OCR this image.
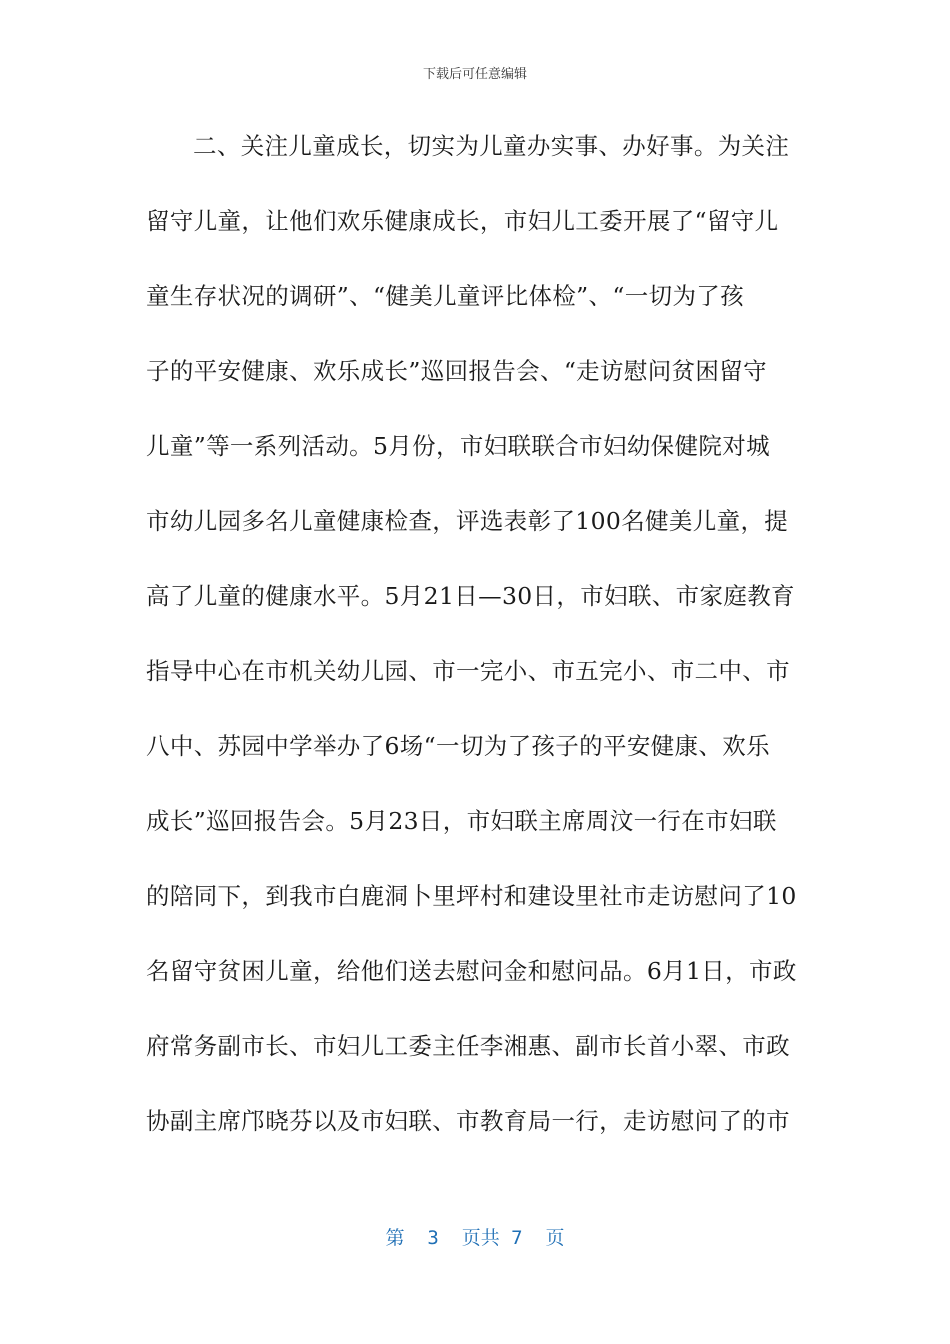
下载后可任意编辑
二、关注儿童成长，切实为儿童办实事、办好事。为关注
留守儿童，让他们欢乐健康成长，市妇儿工委开展了“留守儿
童生存状况的调研”、“健美儿童评比体检”、“一切为了孩
子的平安健康、欢乐成长”巡回报告会、“走访慰问贫困留守
儿童”等一系列活动。5月份，市妇联联合市妇幼保健院对城
市幼儿园多名儿童健康检查，评选表彰了100名健美儿童，提
高了儿童的健康水平。5月21日—30日，市妇联、市家庭教育
指导中心在市机关幼儿园、市一完小、市五完小、市二中、市
八中、苏园中学举办了6场“一切为了孩子的平安健康、欢乐
成长”巡回报告会。5月23日，市妇联主席周汶一行在市妇联
的陪同下，到我市白鹿洞卜里坪村和建设里社市走访慰问了10
名留守贫困儿童，给他们送去慰问金和慰问品。6月1日，市政
府常务副市长、市妇儿工委主任李湘惠、副市长首小翠、市政
协副主席邝晓芬以及市妇联、市教育局一行，走访慰问了的市
第  3  页共 7  页
